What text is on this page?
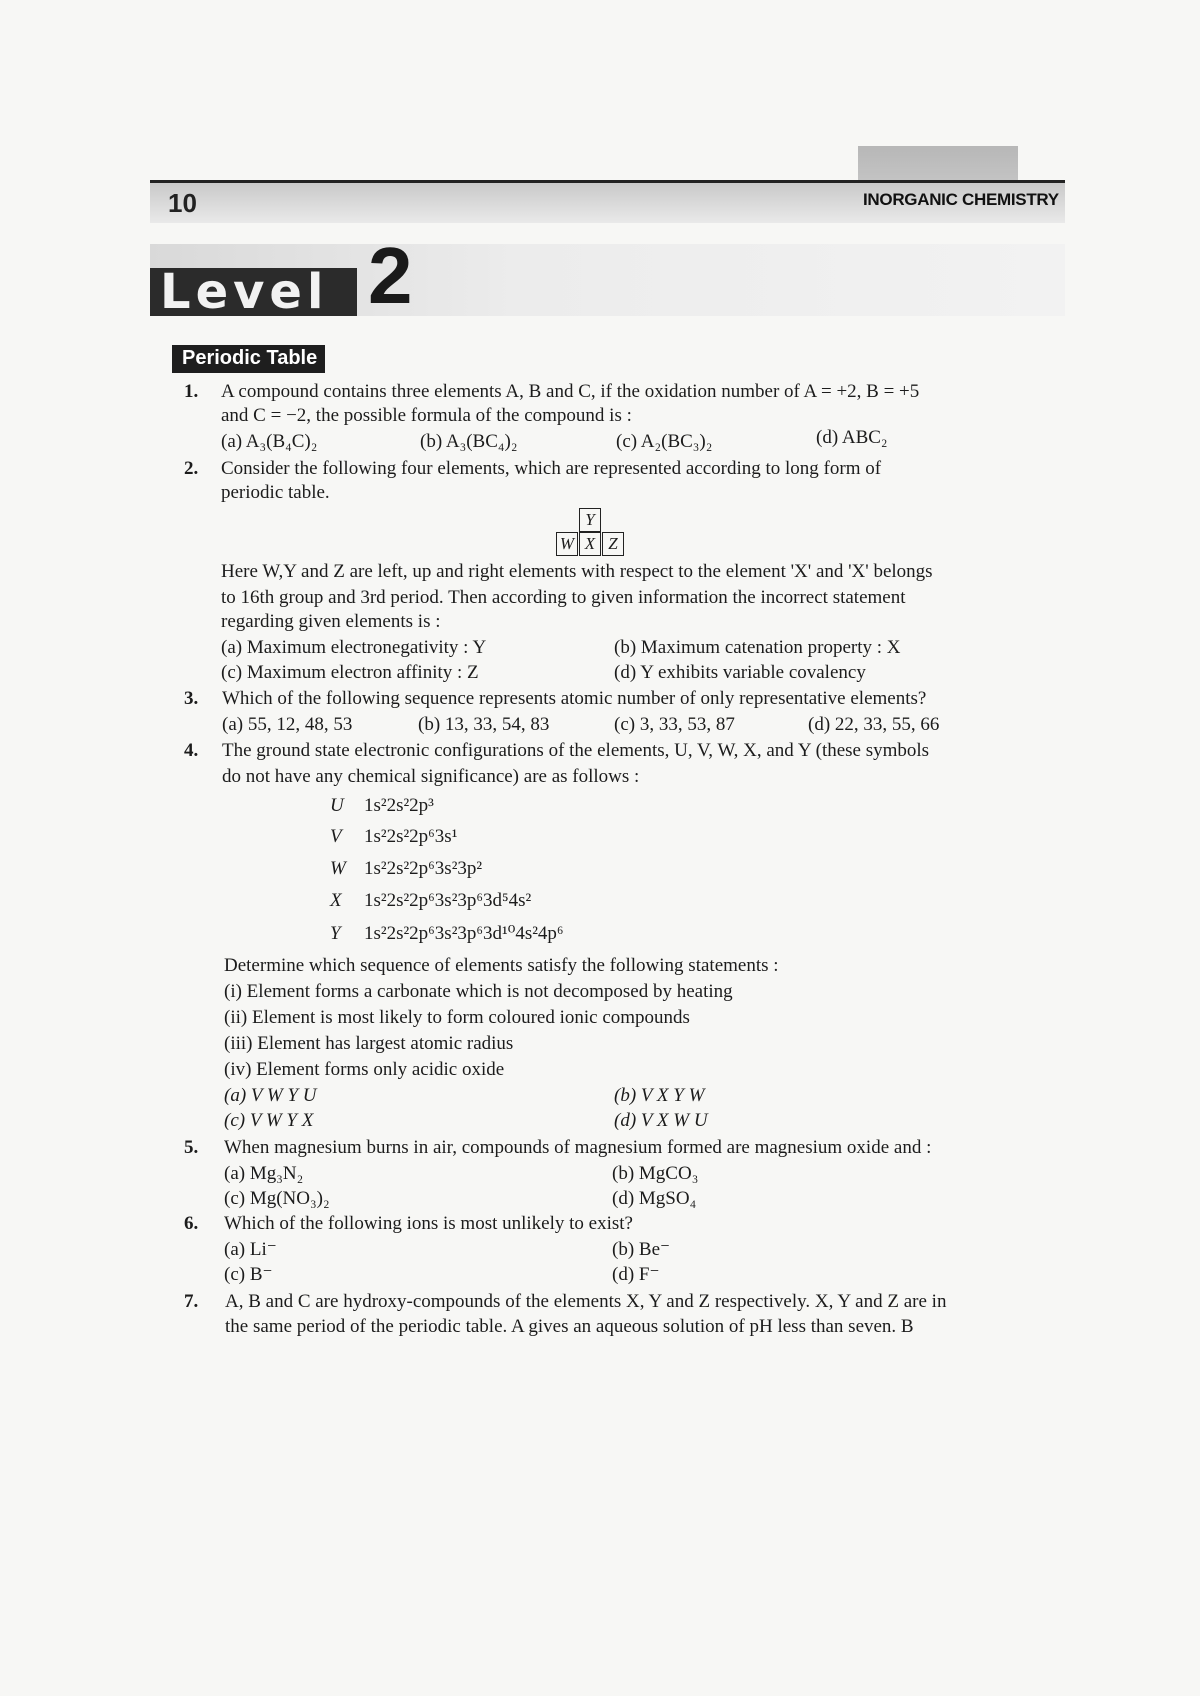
10	INORGANIC CHEMISTRY
Level 2
Periodic Table
1. A compound contains three elements A, B and C, if the oxidation number of A = +2, B = +5
and C = −2, the possible formula of the compound is :
(a) A₃(B₄C)₂	(b) A₃(BC₄)₂	(c) A₂(BC₃)₂	(d) ABC₂
2. Consider the following four elements, which are represented according to long form of
periodic table.
Y
W X Z
Here W,Y and Z are left, up and right elements with respect to the element 'X' and 'X' belongs
to 16th group and 3rd period. Then according to given information the incorrect statement
regarding given elements is :
(a) Maximum electronegativity : Y	(b) Maximum catenation property : X
(c) Maximum electron affinity : Z	(d) Y exhibits variable covalency
3. Which of the following sequence represents atomic number of only representative elements?
(a) 55, 12, 48, 53	(b) 13, 33, 54, 83	(c) 3, 33, 53, 87	(d) 22, 33, 55, 66
4. The ground state electronic configurations of the elements, U, V, W, X, and Y (these symbols
do not have any chemical significance) are as follows :
U 1s²2s²2p³
V 1s²2s²2p⁶3s¹
W 1s²2s²2p⁶3s²3p²
X 1s²2s²2p⁶3s²3p⁶3d⁵4s²
Y 1s²2s²2p⁶3s²3p⁶3d¹⁰4s²4p⁶
Determine which sequence of elements satisfy the following statements :
(i) Element forms a carbonate which is not decomposed by heating
(ii) Element is most likely to form coloured ionic compounds
(iii) Element has largest atomic radius
(iv) Element forms only acidic oxide
(a) V W Y U	(b) V X Y W
(c) V W Y X	(d) V X W U
5. When magnesium burns in air, compounds of magnesium formed are magnesium oxide and :
(a) Mg₃N₂	(b) MgCO₃
(c) Mg(NO₃)₂	(d) MgSO₄
6. Which of the following ions is most unlikely to exist?
(a) Li⁻	(b) Be⁻
(c) B⁻	(d) F⁻
7. A, B and C are hydroxy-compounds of the elements X, Y and Z respectively. X, Y and Z are in
the same period of the periodic table. A gives an aqueous solution of pH less than seven. B
